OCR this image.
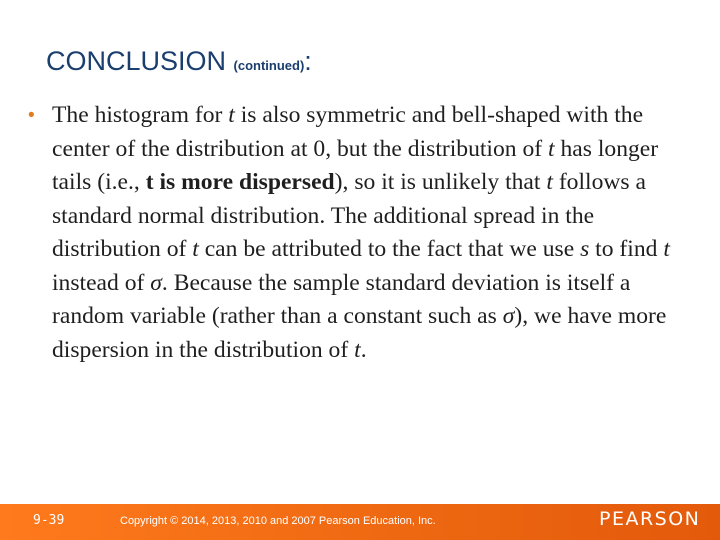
CONCLUSION (continued):
• The histogram for t is also symmetric and bell-shaped with the center of the distribution at 0, but the distribution of t has longer tails (i.e., t is more dispersed), so it is unlikely that t follows a standard normal distribution. The additional spread in the distribution of t can be attributed to the fact that we use s to find t instead of σ. Because the sample standard deviation is itself a random variable (rather than a constant such as σ), we have more dispersion in the distribution of t.
9-39	Copyright © 2014, 2013, 2010 and 2007 Pearson Education, Inc.	PEARSON
